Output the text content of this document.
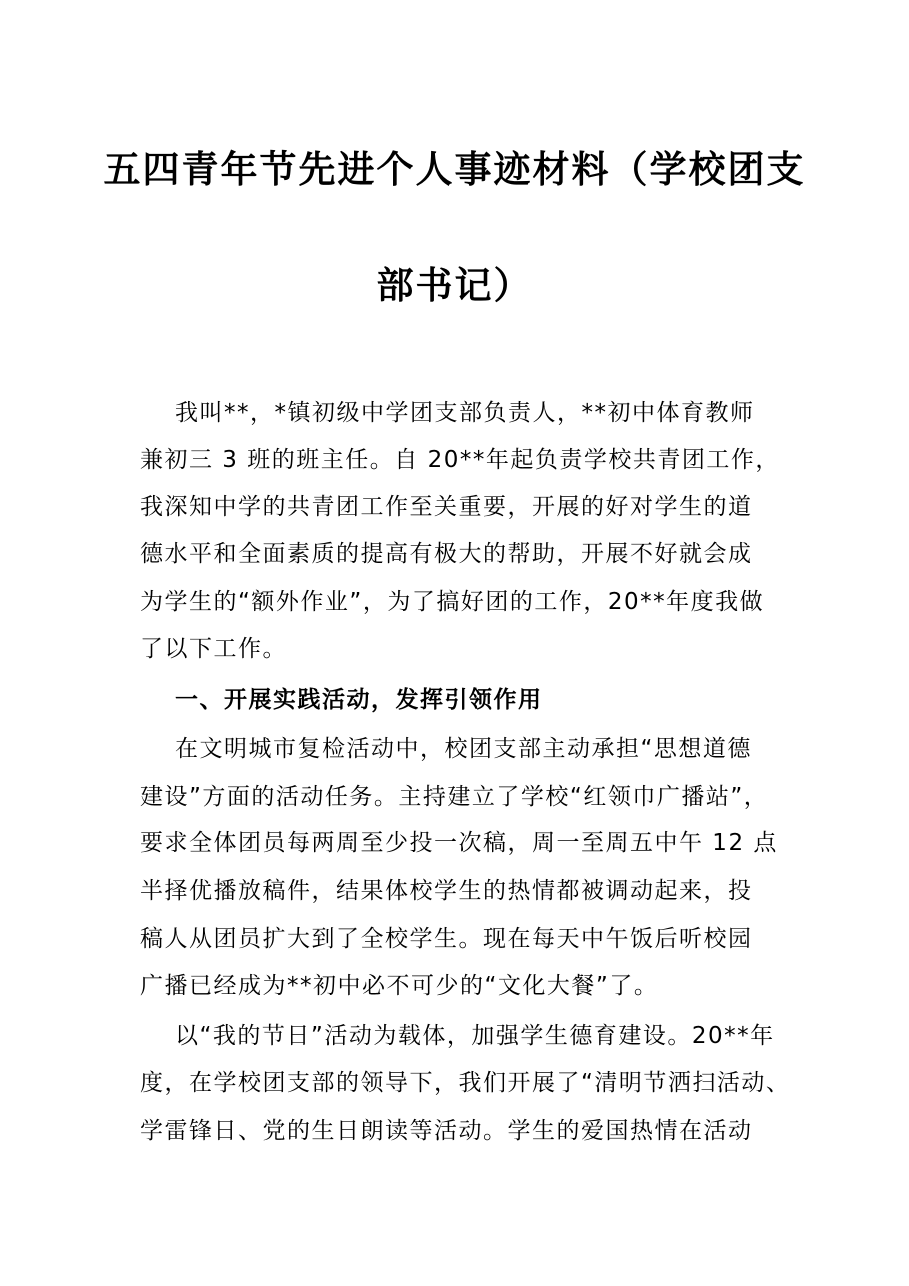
五四青年节先进个人事迹材料（学校团支
部书记）
我叫**，*镇初级中学团支部负责人，**初中体育教师
兼初三 3 班的班主任。自 20**年起负责学校共青团工作，
我深知中学的共青团工作至关重要，开展的好对学生的道
德水平和全面素质的提高有极大的帮助，开展不好就会成
为学生的“额外作业”，为了搞好团的工作，20**年度我做
了以下工作。
一、开展实践活动，发挥引领作用
在文明城市复检活动中，校团支部主动承担“思想道德
建设”方面的活动任务。主持建立了学校“红领巾广播站”，
要求全体团员每两周至少投一次稿，周一至周五中午 12 点
半择优播放稿件，结果体校学生的热情都被调动起来，投
稿人从团员扩大到了全校学生。现在每天中午饭后听校园
广播已经成为**初中必不可少的“文化大餐”了。
以“我的节日”活动为载体，加强学生德育建设。20**年
度，在学校团支部的领导下，我们开展了“清明节洒扫活动、
学雷锋日、党的生日朗读等活动。学生的爱国热情在活动
